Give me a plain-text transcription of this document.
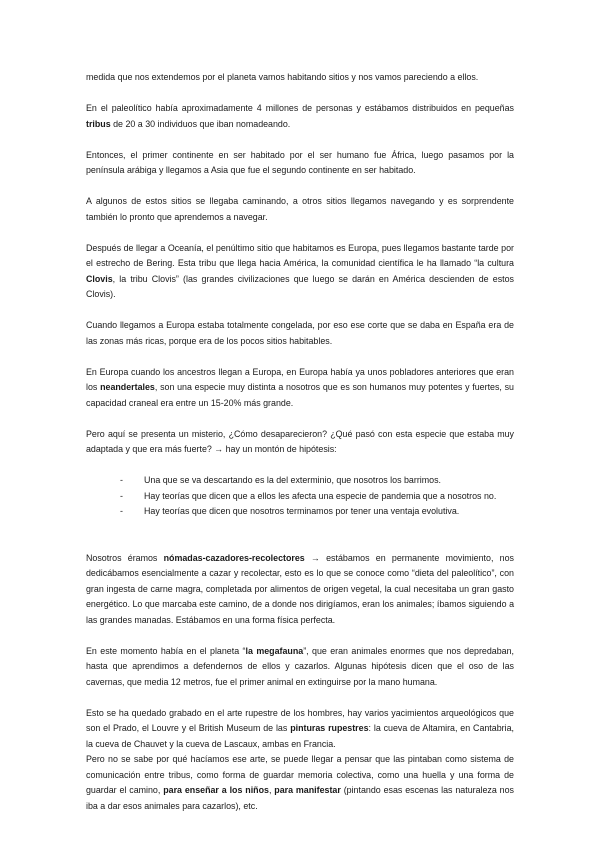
medida que nos extendemos por el planeta vamos habitando sitios y nos vamos pareciendo a ellos.

En el paleolítico había aproximadamente 4 millones de personas y estábamos distribuidos en pequeñas tribus de 20 a 30 individuos que iban nomadeando.

Entonces, el primer continente en ser habitado por el ser humano fue África, luego pasamos por la península arábiga y llegamos a Asia que fue el segundo continente en ser habitado.

A algunos de estos sitios se llegaba caminando, a otros sitios llegamos navegando y es sorprendente también lo pronto que aprendemos a navegar.

Después de llegar a Oceanía, el penúltimo sitio que habitamos es Europa, pues llegamos bastante tarde por el estrecho de Bering. Esta tribu que llega hacia América, la comunidad científica le ha llamado “la cultura Clovis, la tribu Clovis” (las grandes civilizaciones que luego se darán en América descienden de estos Clovis).

Cuando llegamos a Europa estaba totalmente congelada, por eso ese corte que se daba en España era de las zonas más ricas, porque era de los pocos sitios habitables.

En Europa cuando los ancestros llegan a Europa, en Europa había ya unos pobladores anteriores que eran los neandertales, son una especie muy distinta a nosotros que es son humanos muy potentes y fuertes, su capacidad craneal era entre un 15-20% más grande.

Pero aquí se presenta un misterio, ¿Cómo desaparecieron? ¿Qué pasó con esta especie que estaba muy adaptada y que era más fuerte? → hay un montón de hipótesis:

- Una que se va descartando es la del exterminio, que nosotros los barrimos.
- Hay teorías que dicen que a ellos les afecta una especie de pandemia que a nosotros no.
- Hay teorías que dicen que nosotros terminamos por tener una ventaja evolutiva.

Nosotros éramos nómadas-cazadores-recolectores → estábamos en permanente movimiento, nos dedicábamos esencialmente a cazar y recolectar, esto es lo que se conoce como “dieta del paleolítico”, con gran ingesta de carne magra, completada por alimentos de origen vegetal, la cual necesitaba un gran gasto energético. Lo que marcaba este camino, de a donde nos dirigíamos, eran los animales; íbamos siguiendo a las grandes manadas. Estábamos en una forma física perfecta.

En este momento había en el planeta “la megafauna”, que eran animales enormes que nos depredaban, hasta que aprendimos a defendernos de ellos y cazarlos. Algunas hipótesis dicen que el oso de las cavernas, que media 12 metros, fue el primer animal en extinguirse por la mano humana.

Esto se ha quedado grabado en el arte rupestre de los hombres, hay varios yacimientos arqueológicos que son el Prado, el Louvre y el British Museum de las pinturas rupestres: la cueva de Altamira, en Cantabria, la cueva de Chauvet y la cueva de Lascaux, ambas en Francia.

Pero no se sabe por qué hacíamos ese arte, se puede llegar a pensar que las pintaban como sistema de comunicación entre tribus, como forma de guardar memoria colectiva, como una huella y una forma de guardar el camino, para enseñar a los niños, para manifestar (pintando esas escenas las naturaleza nos iba a dar esos animales para cazarlos), etc.
